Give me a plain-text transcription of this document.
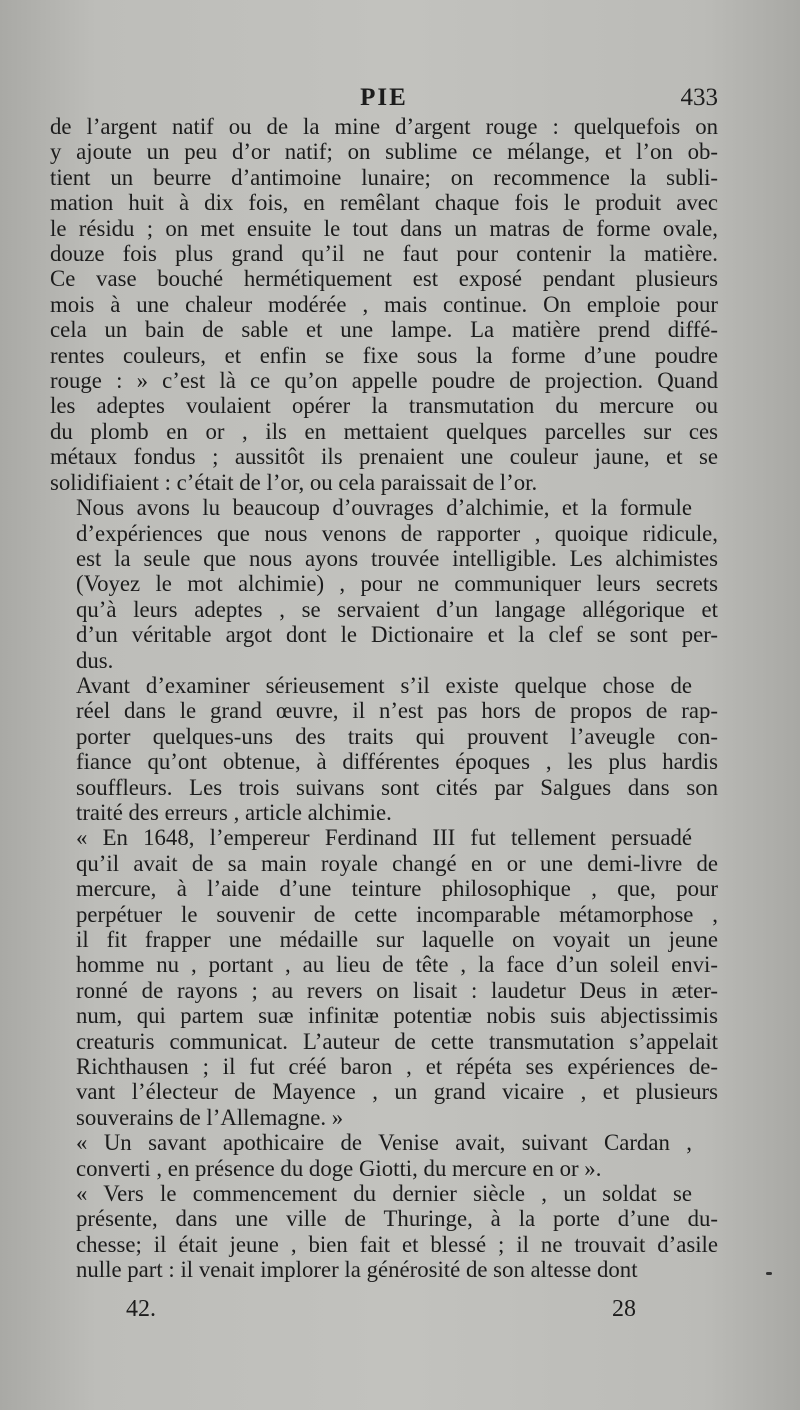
PIE	433

de l’argent natif ou de la mine d’argent rouge : quelquefois on
y ajoute un peu d’or natif; on sublime ce mélange, et l’on ob-
tient un beurre d’antimoine lunaire; on recommence la subli-
mation huit à dix fois, en remêlant chaque fois le produit avec
le résidu ; on met ensuite le tout dans un matras de forme ovale,
douze fois plus grand qu’il ne faut pour contenir la matière.
Ce vase bouché hermétiquement est exposé pendant plusieurs
mois à une chaleur modérée , mais continue. On emploie pour
cela un bain de sable et une lampe. La matière prend diffé-
rentes couleurs, et enfin se fixe sous la forme d’une poudre
rouge : » c’est là ce qu’on appelle poudre de projection. Quand
les adeptes voulaient opérer la transmutation du mercure ou
du plomb en or , ils en mettaient quelques parcelles sur ces
métaux fondus ; aussitôt ils prenaient une couleur jaune, et se
solidifiaient : c’était de l’or, ou cela paraissait de l’or.

Nous avons lu beaucoup d’ouvrages d’alchimie, et la formule
d’expériences que nous venons de rapporter , quoique ridicule,
est la seule que nous ayons trouvée intelligible. Les alchimistes
(Voyez le mot alchimie) , pour ne communiquer leurs secrets
qu’à leurs adeptes , se servaient d’un langage allégorique et
d’un véritable argot dont le Dictionaire et la clef se sont per-
dus.

Avant d’examiner sérieusement s’il existe quelque chose de
réel dans le grand œuvre, il n’est pas hors de propos de rap-
porter quelques-uns des traits qui prouvent l’aveugle con-
fiance qu’ont obtenue, à différentes époques , les plus hardis
souffleurs. Les trois suivans sont cités par Salgues dans son
traité des erreurs , article alchimie.

« En 1648, l’empereur Ferdinand III fut tellement persuadé
qu’il avait de sa main royale changé en or une demi-livre de
mercure, à l’aide d’une teinture philosophique , que, pour
perpétuer le souvenir de cette incomparable métamorphose ,
il fit frapper une médaille sur laquelle on voyait un jeune
homme nu , portant , au lieu de tête , la face d’un soleil envi-
ronné de rayons ; au revers on lisait : laudetur Deus in æter-
num, qui partem suæ infinitæ potentiæ nobis suis abjectissimis
creaturis communicat. L’auteur de cette transmutation s’appelait
Richthausen ; il fut créé baron , et répéta ses expériences de-
vant l’électeur de Mayence , un grand vicaire , et plusieurs
souverains de l’Allemagne. »

« Un savant apothicaire de Venise avait, suivant Cardan ,
converti , en présence du doge Giotti, du mercure en or ».

« Vers le commencement du dernier siècle , un soldat se
présente, dans une ville de Thuringe, à la porte d’une du-
chesse; il était jeune , bien fait et blessé ; il ne trouvait d’asile
nulle part : il venait implorer la générosité de son altesse dont

42.	28
